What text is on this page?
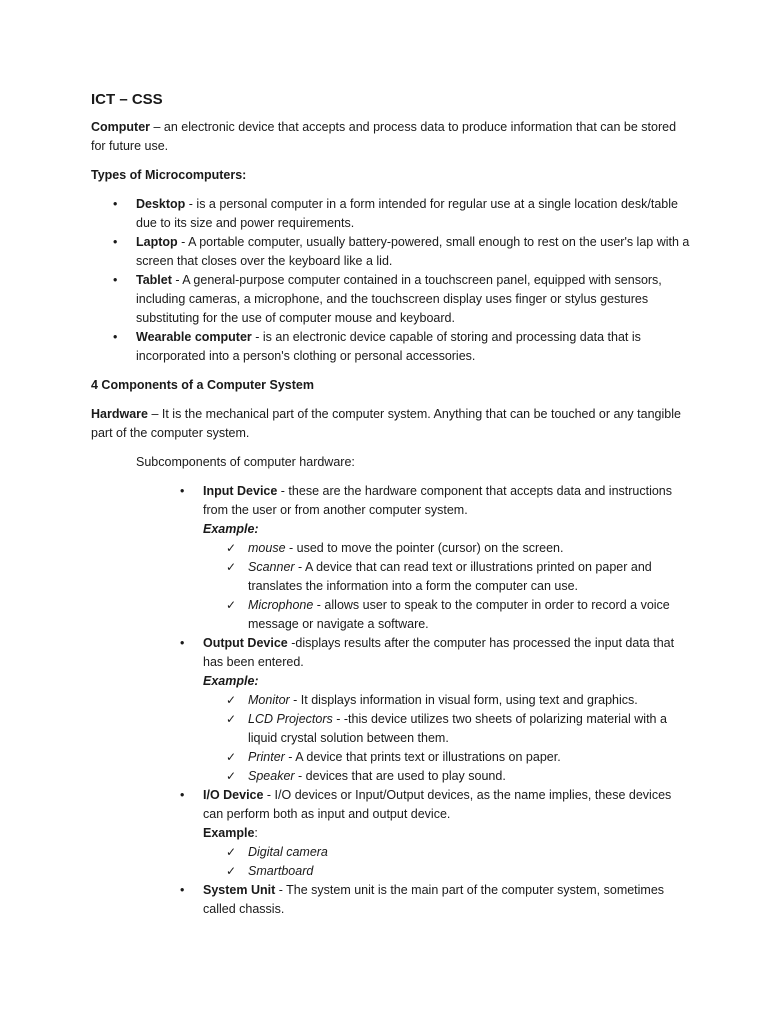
ICT – CSS

Computer – an electronic device that accepts and process data to produce information that can be stored for future use.

Types of Microcomputers:

• Desktop - is a personal computer in a form intended for regular use at a single location desk/table due to its size and power requirements.
• Laptop - A portable computer, usually battery-powered, small enough to rest on the user's lap with a screen that closes over the keyboard like a lid.
• Tablet - A general-purpose computer contained in a touchscreen panel, equipped with sensors, including cameras, a microphone, and the touchscreen display uses finger or stylus gestures substituting for the use of computer mouse and keyboard.
• Wearable computer - is an electronic device capable of storing and processing data that is incorporated into a person's clothing or personal accessories.

4 Components of a Computer System

Hardware – It is the mechanical part of the computer system. Anything that can be touched or any tangible part of the computer system.

Subcomponents of computer hardware:
• Input Device - these are the hardware component that accepts data and instructions from the user or from another computer system.
Example:
✓ mouse - used to move the pointer (cursor) on the screen.
✓ Scanner - A device that can read text or illustrations printed on paper and translates the information into a form the computer can use.
✓ Microphone - allows user to speak to the computer in order to record a voice message or navigate a software.
• Output Device -displays results after the computer has processed the input data that has been entered.
Example:
✓ Monitor - It displays information in visual form, using text and graphics.
✓ LCD Projectors - -this device utilizes two sheets of polarizing material with a liquid crystal solution between them.
✓ Printer - A device that prints text or illustrations on paper.
✓ Speaker - devices that are used to play sound.
• I/O Device - I/O devices or Input/Output devices, as the name implies, these devices can perform both as input and output device.
Example:
✓ Digital camera
✓ Smartboard
• System Unit - The system unit is the main part of the computer system, sometimes called chassis.
